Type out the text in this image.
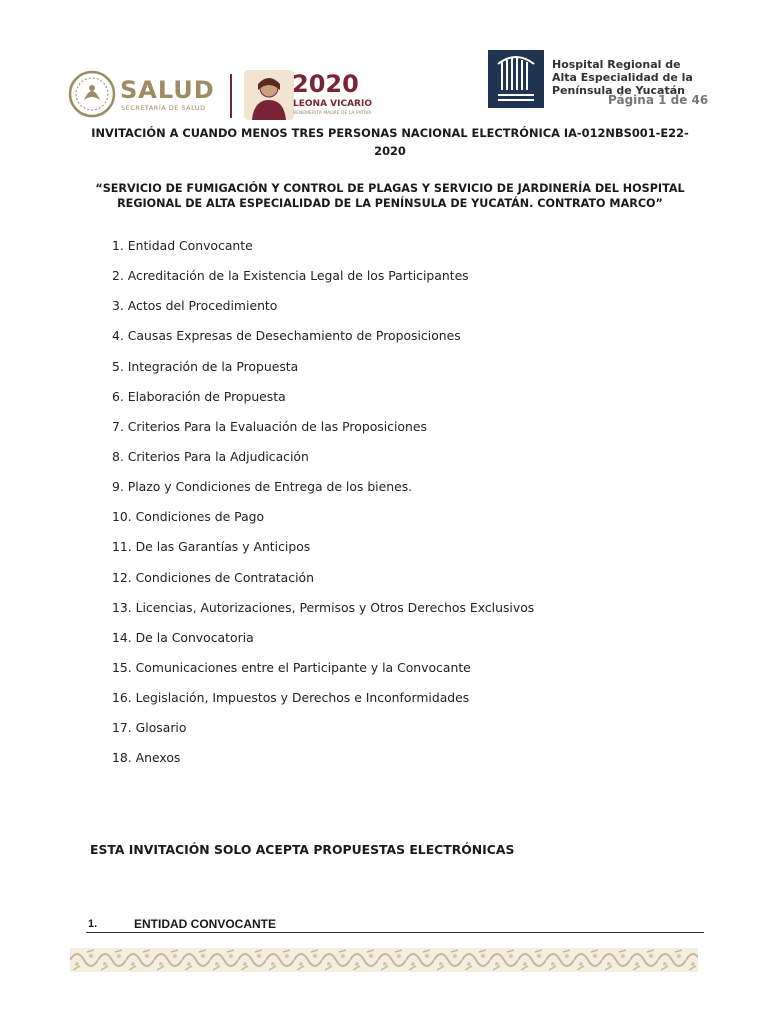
SALUD
SECRETARÍA DE SALUD
2020
LEONA VICARIO
BENEMÉRITA MADRE DE LA PATRIA
Hospital Regional de
Alta Especialidad de la
Península de Yucatán
Página 1 de 46
INVITACIÓN A CUANDO MENOS TRES PERSONAS NACIONAL ELECTRÓNICA IA-012NBS001-E22-
2020
“SERVICIO DE FUMIGACIÓN Y CONTROL DE PLAGAS Y SERVICIO DE JARDINERÍA DEL HOSPITAL
REGIONAL DE ALTA ESPECIALIDAD DE LA PENÍNSULA DE YUCATÁN. CONTRATO MARCO”
1. Entidad Convocante
2. Acreditación de la Existencia Legal de los Participantes
3. Actos del Procedimiento
4. Causas Expresas de Desechamiento de Proposiciones
5. Integración de la Propuesta
6. Elaboración de Propuesta
7. Criterios Para la Evaluación de las Proposiciones
8. Criterios Para la Adjudicación
9. Plazo y Condiciones de Entrega de los bienes.
10. Condiciones de Pago
11. De las Garantías y Anticipos
12. Condiciones de Contratación
13. Licencias, Autorizaciones, Permisos y Otros Derechos Exclusivos
14. De la Convocatoria
15. Comunicaciones entre el Participante y la Convocante
16. Legislación, Impuestos y Derechos e Inconformidades
17. Glosario
18. Anexos
ESTA INVITACIÓN SOLO ACEPTA PROPUESTAS ELECTRÓNICAS
1.	ENTIDAD CONVOCANTE
